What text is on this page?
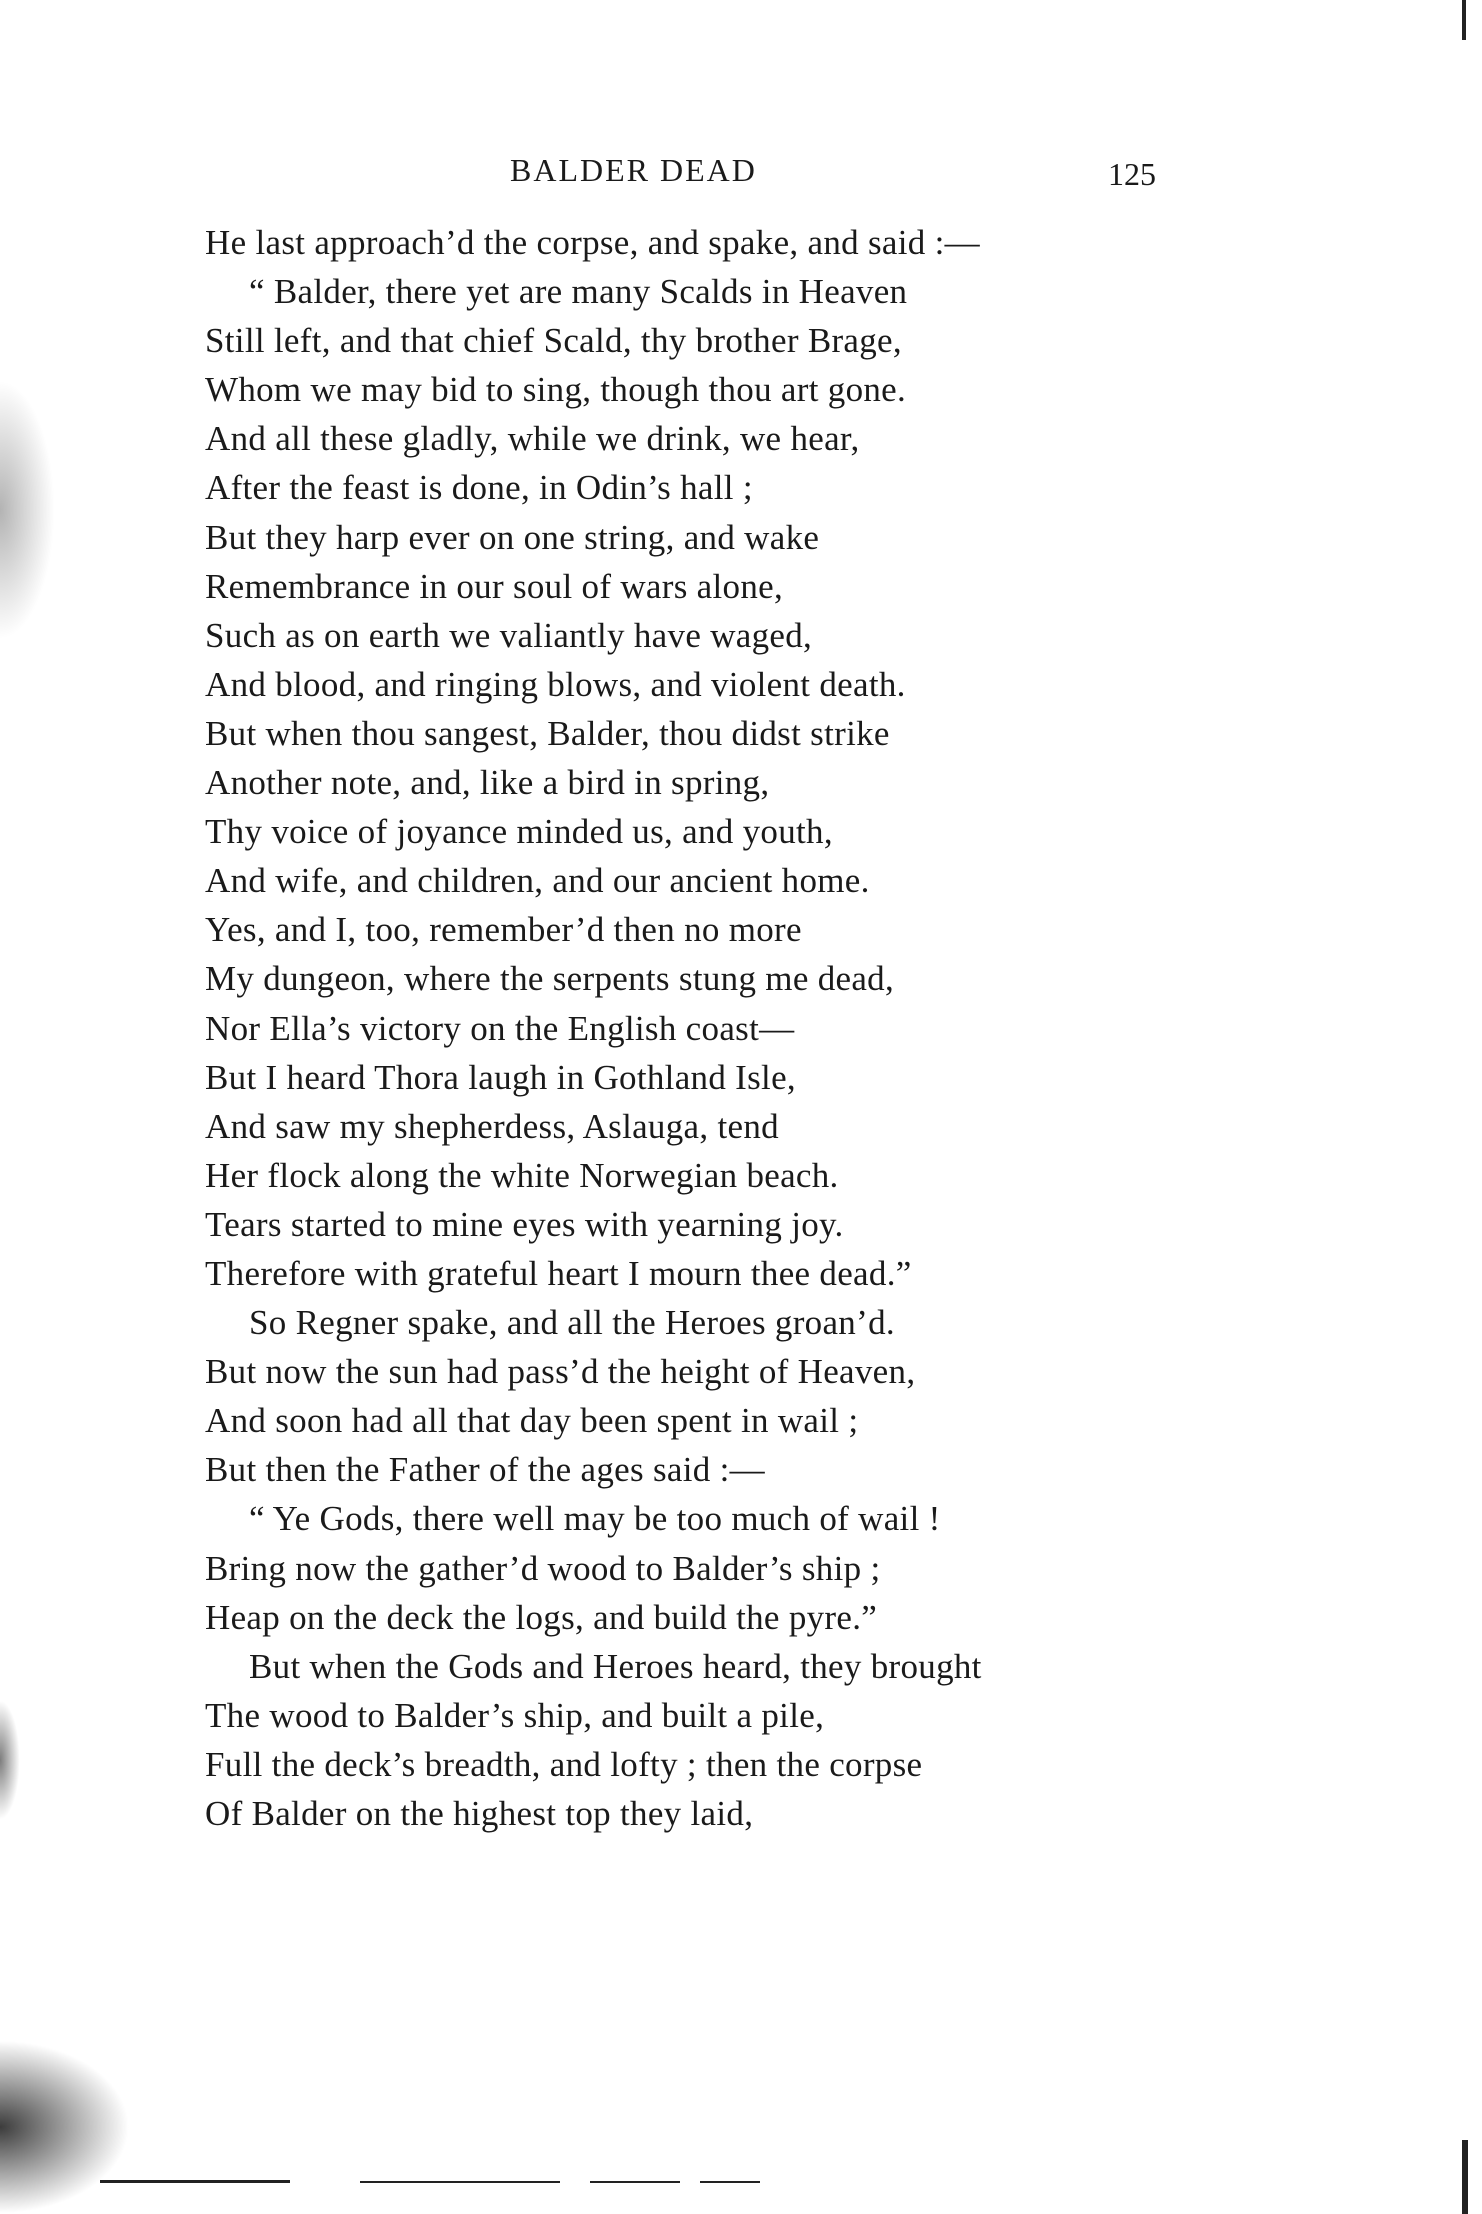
BALDER DEAD	125
He last approach’d the corpse, and spake, and said :—
“ Balder, there yet are many Scalds in Heaven
Still left, and that chief Scald, thy brother Brage,
Whom we may bid to sing, though thou art gone.
And all these gladly, while we drink, we hear,
After the feast is done, in Odin’s hall ;
But they harp ever on one string, and wake
Remembrance in our soul of wars alone,
Such as on earth we valiantly have waged,
And blood, and ringing blows, and violent death.
But when thou sangest, Balder, thou didst strike
Another note, and, like a bird in spring,
Thy voice of joyance minded us, and youth,
And wife, and children, and our ancient home.
Yes, and I, too, remember’d then no more
My dungeon, where the serpents stung me dead,
Nor Ella’s victory on the English coast—
But I heard Thora laugh in Gothland Isle,
And saw my shepherdess, Aslauga, tend
Her flock along the white Norwegian beach.
Tears started to mine eyes with yearning joy.
Therefore with grateful heart I mourn thee dead.”
So Regner spake, and all the Heroes groan’d.
But now the sun had pass’d the height of Heaven,
And soon had all that day been spent in wail ;
But then the Father of the ages said :—
“ Ye Gods, there well may be too much of wail !
Bring now the gather’d wood to Balder’s ship ;
Heap on the deck the logs, and build the pyre.”
But when the Gods and Heroes heard, they brought
The wood to Balder’s ship, and built a pile,
Full the deck’s breadth, and lofty ; then the corpse
Of Balder on the highest top they laid,
